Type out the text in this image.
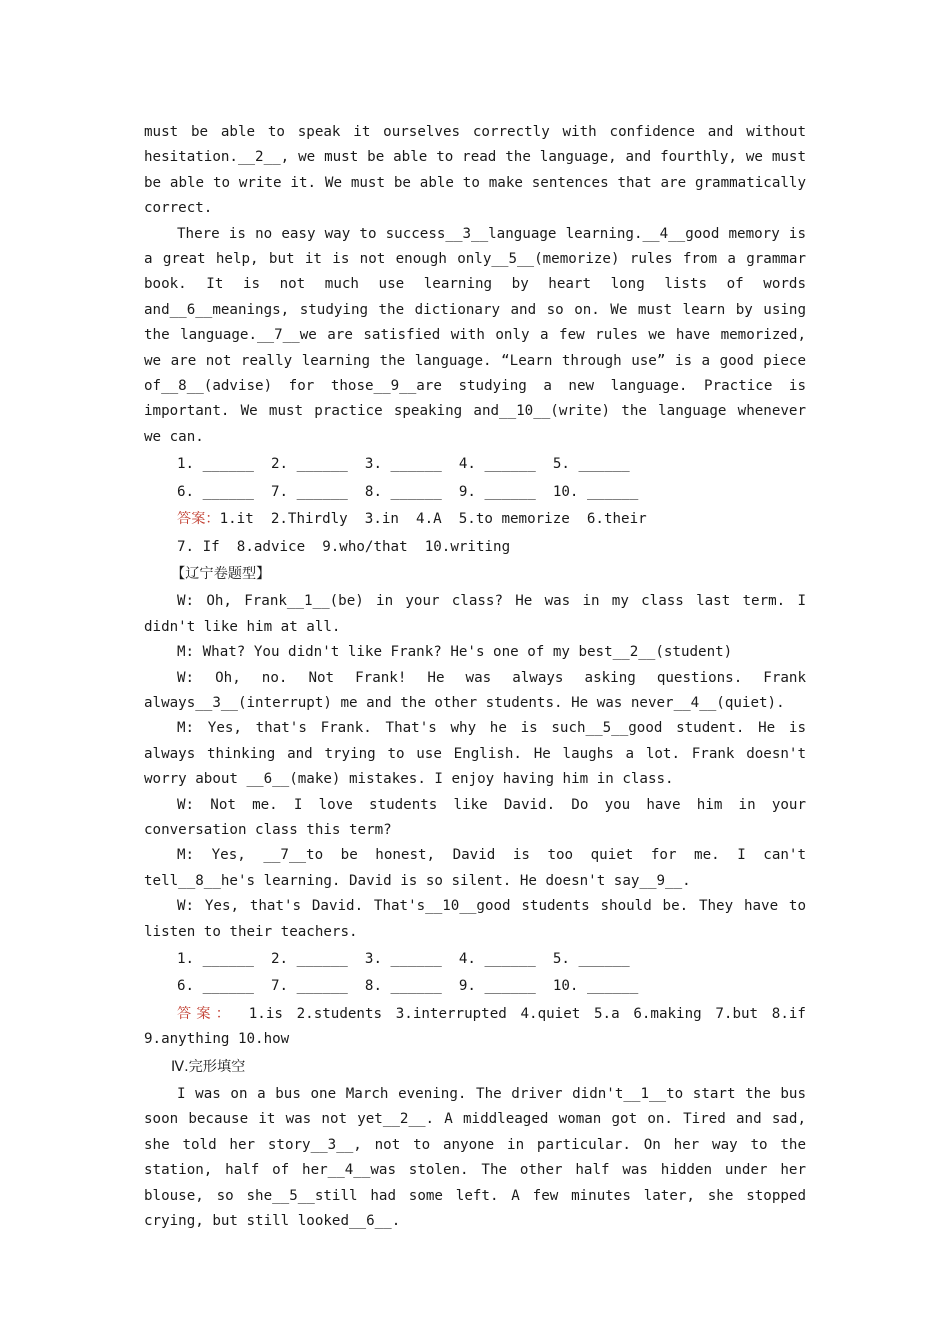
must be able to speak it ourselves correctly with confidence and without hesitation.__2__, we must be able to read the language, and fourthly, we must be able to write it. We must be able to make sentences that are grammatically correct.

There is no easy way to success__3__language learning.__4__good memory is a great help, but it is not enough only__5__(memorize) rules from a grammar book. It is not much use learning by heart long lists of words and__6__meanings, studying the dictionary and so on. We must learn by using the language.__7__we are satisfied with only a few rules we have memorized, we are not really learning the language. “Learn through use” is a good piece of__8__(advise) for those__9__are studying a new language. Practice is important. We must practice speaking and__10__(write) the language whenever we can.

1. ______  2. ______  3. ______  4. ______  5. ______

6. ______  7. ______  8. ______  9. ______  10. ______

答案：1.it  2.Thirdly  3.in  4.A  5.to memorize  6.their

7. If  8.advice  9.who/that  10.writing

【辽宁卷题型】

W: Oh, Frank__1__(be) in your class? He was in my class last term. I didn't like him at all.

M: What? You didn't like Frank? He's one of my best__2__(student)

W: Oh, no. Not Frank! He was always asking questions. Frank always__3__(interrupt) me and the other students. He was never__4__(quiet).

M: Yes, that's Frank. That's why he is such__5__good student. He is always thinking and trying to use English. He laughs a lot. Frank doesn't worry about __6__(make) mistakes. I enjoy having him in class.

W: Not me. I love students like David. Do you have him in your conversation class this term?

M: Yes, __7__to be honest, David is too quiet for me. I can't tell__8__he's learning. David is so silent. He doesn't say__9__.

W: Yes, that's David. That's__10__good students should be. They have to listen to their teachers.

1. ______  2. ______  3. ______  4. ______  5. ______

6. ______  7. ______  8. ______  9. ______  10. ______

答案： 1.is 2.students 3.interrupted 4.quiet 5.a 6.making 7.but 8.if 9.anything 10.how

Ⅳ.完形填空

I was on a bus one March evening. The driver didn't__1__to start the bus soon because it was not yet__2__. A middleaged woman got on. Tired and sad, she told her story__3__, not to anyone in particular. On her way to the station, half of her__4__was stolen. The other half was hidden under her blouse, so she__5__still had some left. A few minutes later, she stopped crying, but still looked__6__.
